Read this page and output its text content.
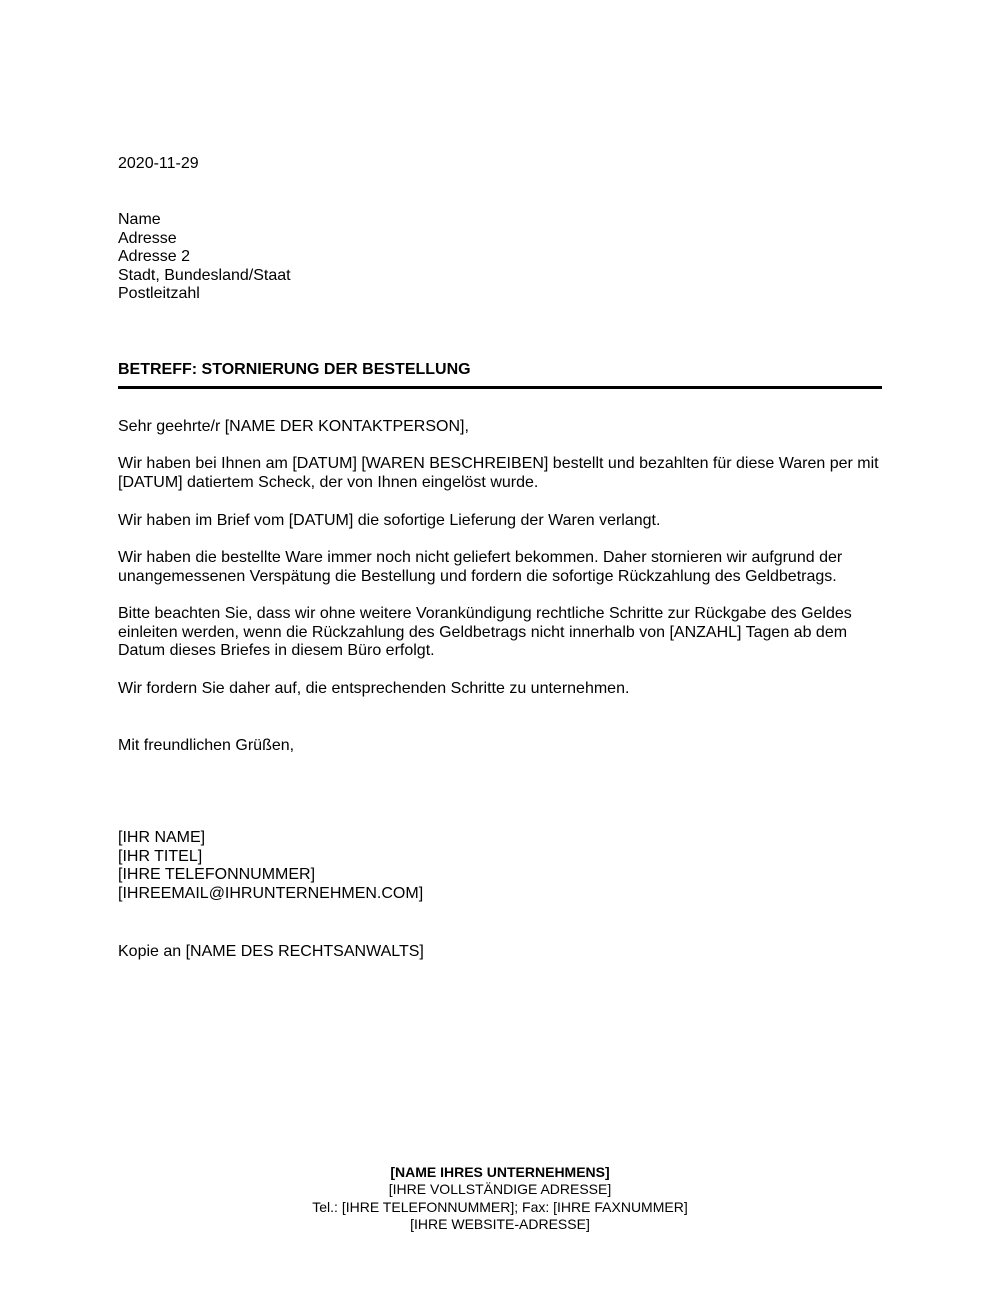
2020-11-29
Name
Adresse
Adresse 2
Stadt, Bundesland/Staat
Postleitzahl
BETREFF: STORNIERUNG DER BESTELLUNG
Sehr geehrte/r [NAME DER KONTAKTPERSON],
Wir haben bei Ihnen am [DATUM] [WAREN BESCHREIBEN] bestellt und bezahlten für diese Waren per mit [DATUM] datiertem Scheck, der von Ihnen eingelöst wurde.
Wir haben im Brief vom [DATUM] die sofortige Lieferung der Waren verlangt.
Wir haben die bestellte Ware immer noch nicht geliefert bekommen. Daher stornieren wir aufgrund der unangemessenen Verspätung die Bestellung und fordern die sofortige Rückzahlung des Geldbetrags.
Bitte beachten Sie, dass wir ohne weitere Vorankündigung rechtliche Schritte zur Rückgabe des Geldes einleiten werden, wenn die Rückzahlung des Geldbetrags nicht innerhalb von [ANZAHL] Tagen ab dem Datum dieses Briefes in diesem Büro erfolgt.
Wir fordern Sie daher auf, die entsprechenden Schritte zu unternehmen.
Mit freundlichen Grüßen,
[IHR NAME]
[IHR TITEL]
[IHRE TELEFONNUMMER]
[IHREEMAIL@IHRUNTERNEHMEN.COM]
Kopie an [NAME DES RECHTSANWALTS]
[NAME IHRES UNTERNEHMENS]
[IHRE VOLLSTÄNDIGE ADRESSE]
Tel.: [IHRE TELEFONNUMMER]; Fax: [IHRE FAXNUMMER]
[IHRE WEBSITE-ADRESSE]
